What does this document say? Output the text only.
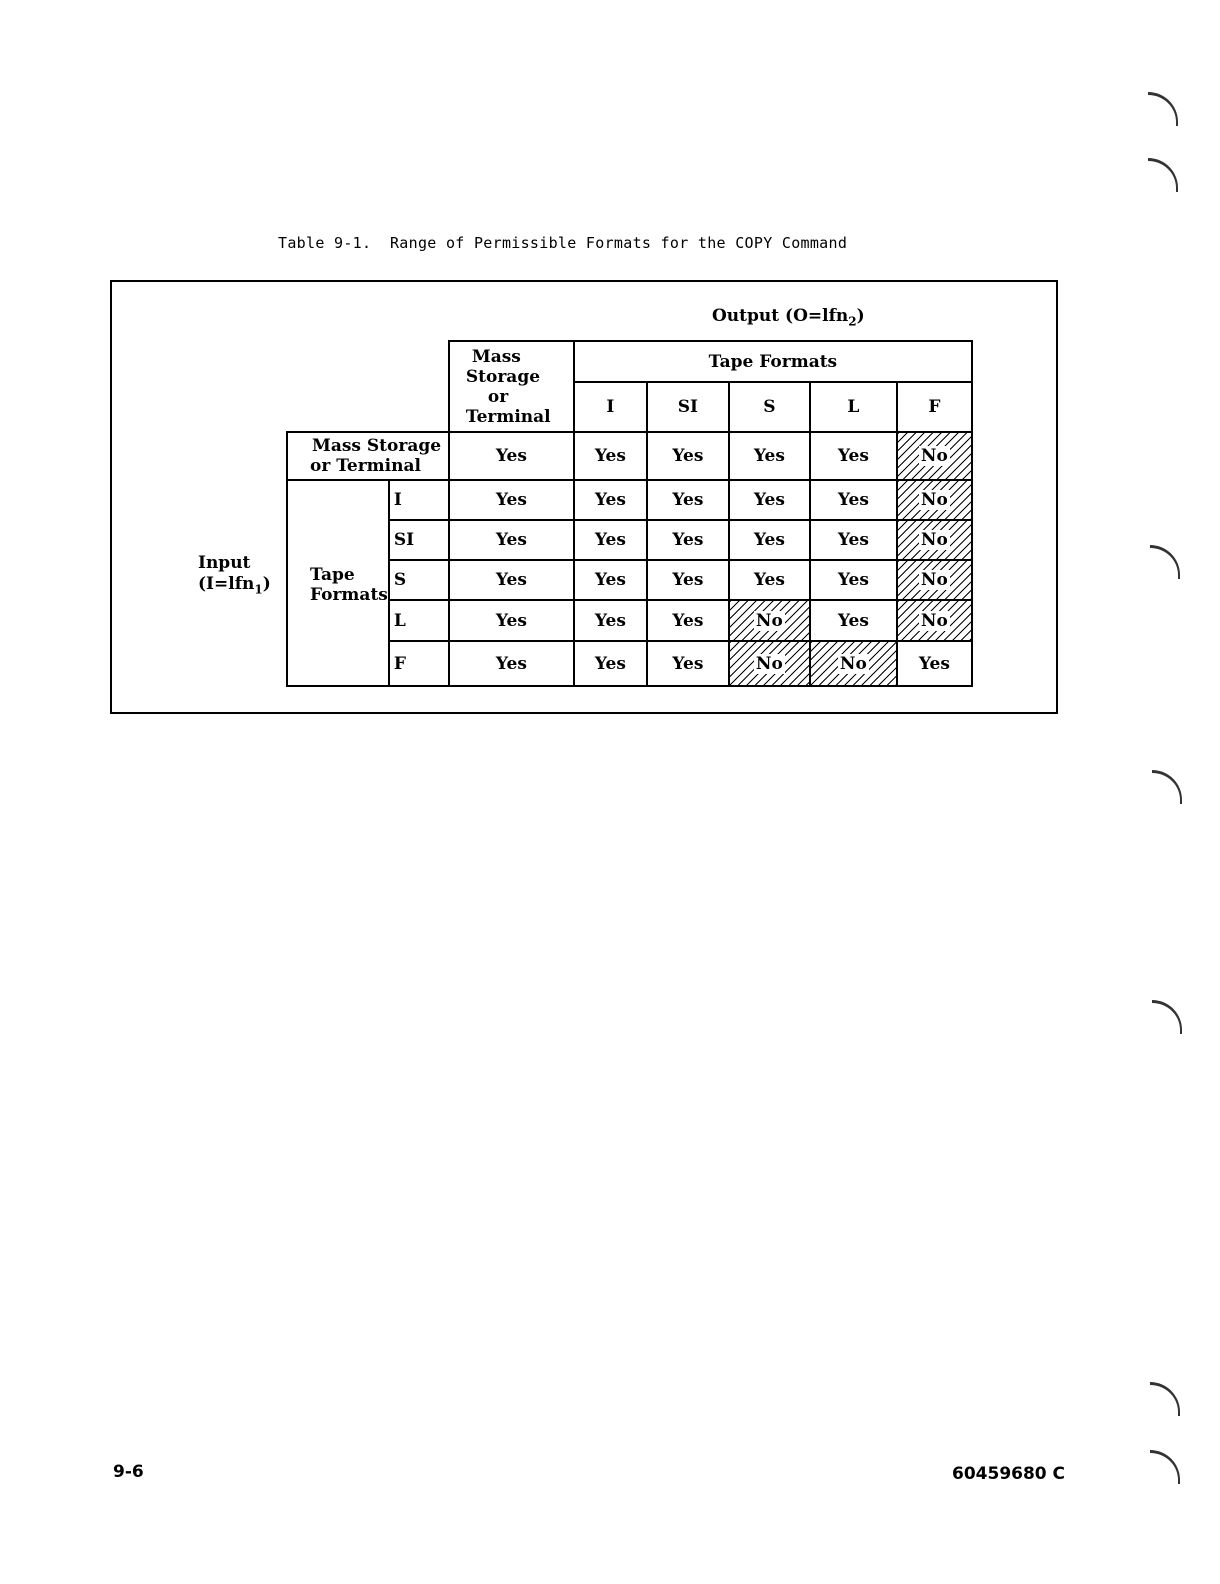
Table 9-1.  Range of Permissible Formats for the COPY Command
Output (O=lfn$_2$)
Input
(I=lfn$_1$)

		Mass
Storage
or
Terminal	Tape Formats				
			I	SI	S	L	F

Mass Storage
or Terminal		Yes	Yes	Yes	Yes	Yes	No

Tape
Formats	I	Yes	Yes	Yes	Yes	Yes	No
	SI	Yes	Yes	Yes	Yes	Yes	No
	S	Yes	Yes	Yes	Yes	Yes	No
	L	Yes	Yes	Yes	No	Yes	No
	F	Yes	Yes	Yes	No	No	Yes
9-6	60459680 C
